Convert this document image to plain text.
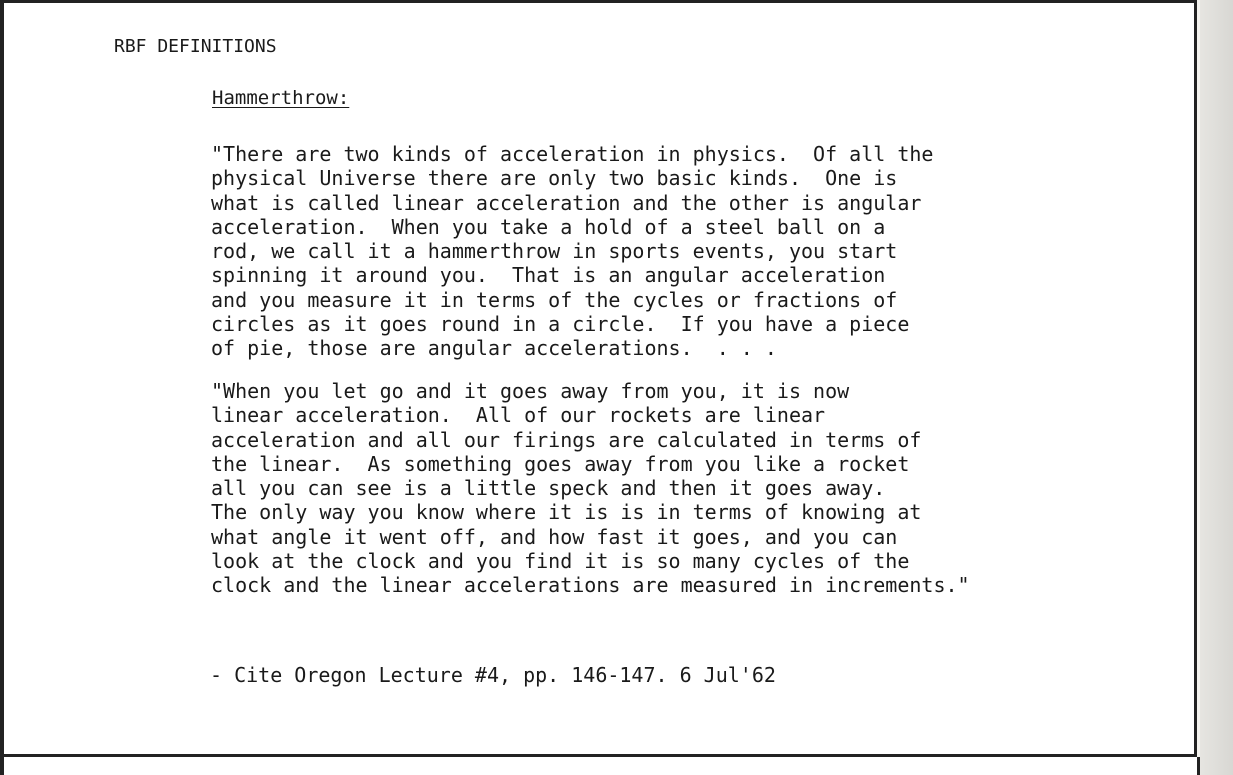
RBF DEFINITIONS
Hammerthrow:
"There are two kinds of acceleration in physics.  Of all the
physical Universe there are only two basic kinds.  One is
what is called linear acceleration and the other is angular
acceleration.  When you take a hold of a steel ball on a
rod, we call it a hammerthrow in sports events, you start
spinning it around you.  That is an angular acceleration
and you measure it in terms of the cycles or fractions of
circles as it goes round in a circle.  If you have a piece
of pie, those are angular accelerations.  . . .
"When you let go and it goes away from you, it is now
linear acceleration.  All of our rockets are linear
acceleration and all our firings are calculated in terms of
the linear.  As something goes away from you like a rocket
all you can see is a little speck and then it goes away.
The only way you know where it is is in terms of knowing at
what angle it went off, and how fast it goes, and you can
look at the clock and you find it is so many cycles of the
clock and the linear accelerations are measured in increments."
- Cite Oregon Lecture #4, pp. 146-147. 6 Jul'62
